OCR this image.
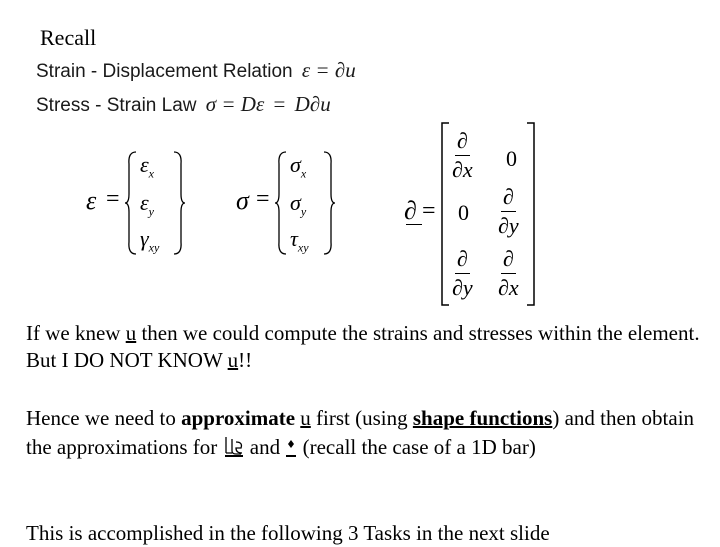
Recall
Strain - Displacement Relation ε = ∂u
Stress - Strain Law σ = Dε = D∂u
ε =
$\varepsilon_x$
$\varepsilon_y$
$\gamma_{xy}$
σ =
$\sigma_x$
$\sigma_y$
$\tau_{xy}$
∂ =
∂
∂x 0
0
∂
∂y
∂
∂y
∂
∂x
If we knew u then we could compute the strains and stresses within the element. But I DO NOT KNOW u!!
Hence we need to approximate u first (using shape functions) and then obtain the approximations for  and  (recall the case of a 1D bar)
This is accomplished in the following 3 Tasks in the next slide
